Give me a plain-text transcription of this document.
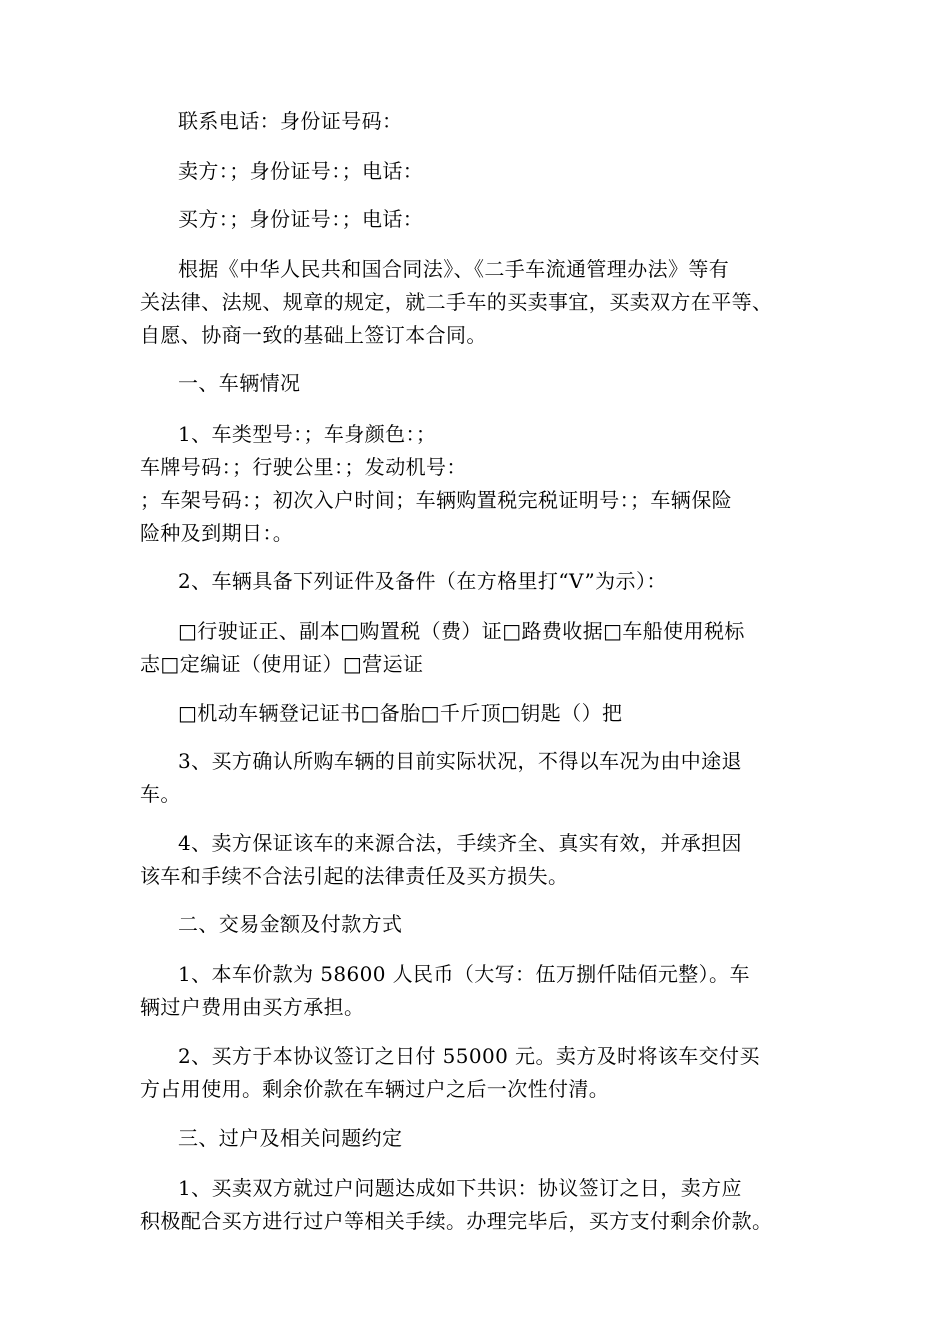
联系电话：身份证号码：

卖方：；身份证号：；电话：

买方：；身份证号：；电话：

根据《中华人民共和国合同法》、《二手车流通管理办法》等有
关法律、法规、规章的规定，就二手车的买卖事宜，买卖双方在平等、
自愿、协商一致的基础上签订本合同。

一、车辆情况

1、车类型号：；车身颜色：；
车牌号码：；行驶公里：；发动机号：
；车架号码：；初次入户时间；车辆购置税完税证明号：；车辆保险
险种及到期日：。

2、车辆具备下列证件及备件（在方格里打“V”为示）：

□行驶证正、副本□购置税（费）证□路费收据□车船使用税标
志□定编证（使用证）□营运证

□机动车辆登记证书□备胎□千斤顶□钥匙（）把

3、买方确认所购车辆的目前实际状况，不得以车况为由中途退
车。

4、卖方保证该车的来源合法，手续齐全、真实有效，并承担因
该车和手续不合法引起的法律责任及买方损失。

二、交易金额及付款方式

1、本车价款为 58600 人民币（大写：伍万捌仟陆佰元整）。车
辆过户费用由买方承担。

2、买方于本协议签订之日付 55000 元。卖方及时将该车交付买
方占用使用。剩余价款在车辆过户之后一次性付清。

三、过户及相关问题约定

1、买卖双方就过户问题达成如下共识：协议签订之日，卖方应
积极配合买方进行过户等相关手续。办理完毕后，买方支付剩余价款。
